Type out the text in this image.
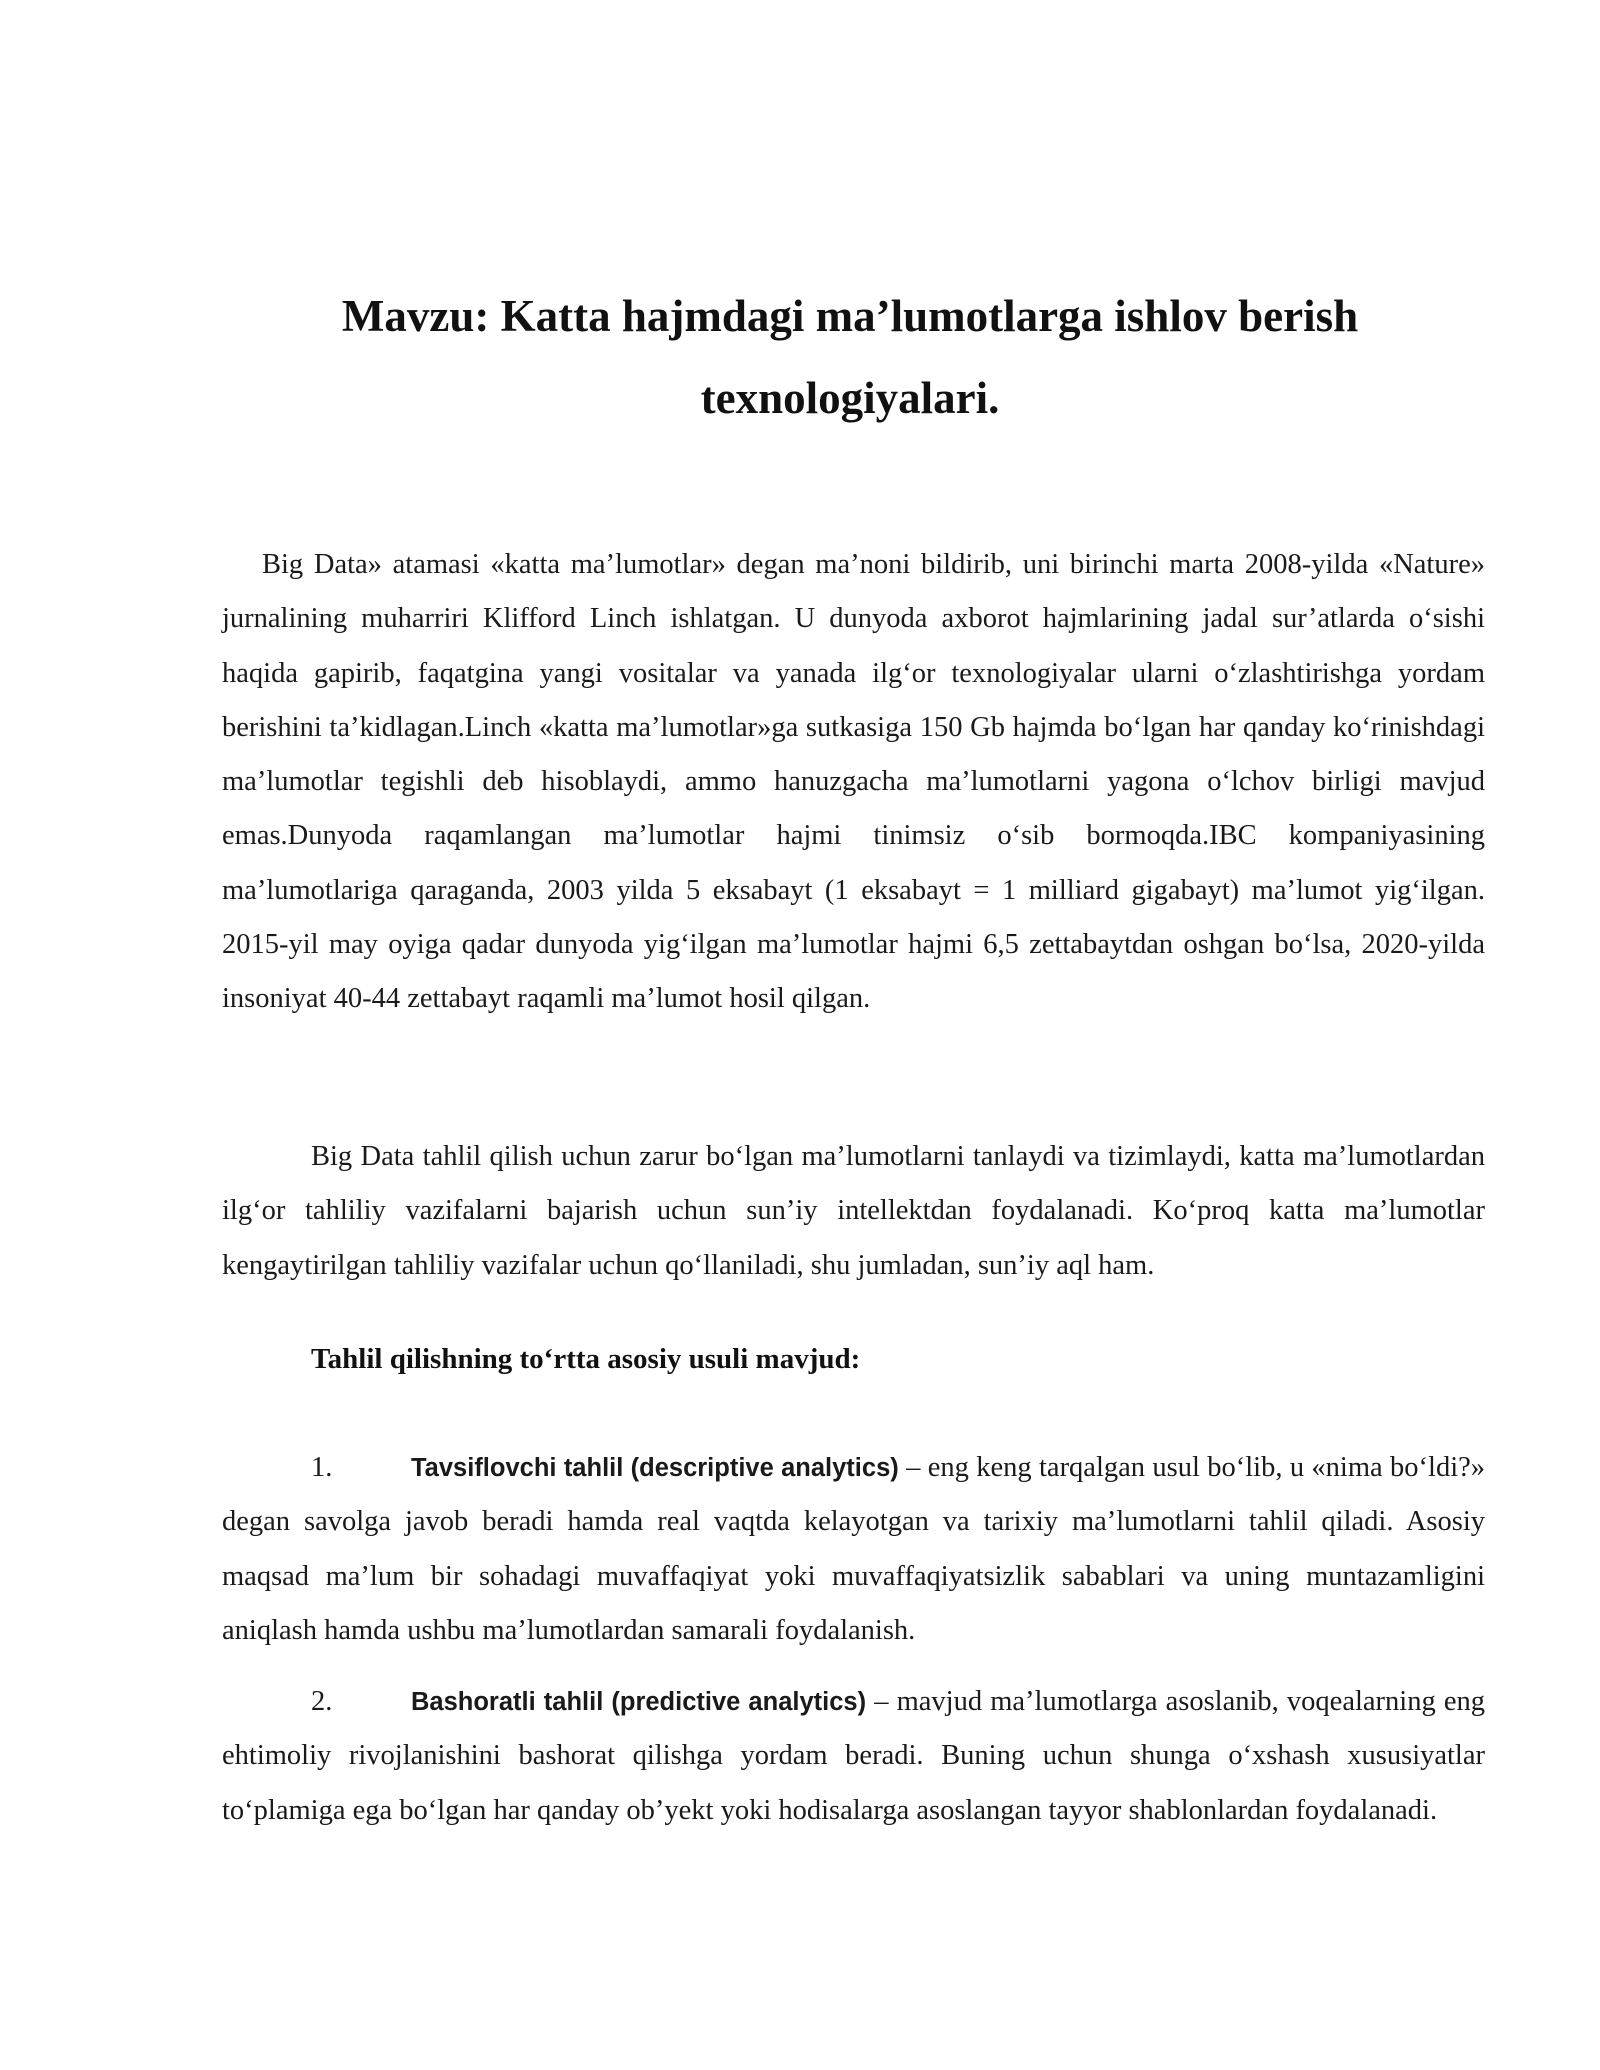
Mavzu: Katta hajmdagi ma’lumotlarga ishlov berish texnologiyalari.

Big Data» atamasi «katta ma’lumotlar» degan ma’noni bildirib, uni birinchi marta 2008-yilda «Nature» jurnalining muharriri Klifford Linch ishlatgan. U dunyoda axborot hajmlarining jadal sur’atlarda o‘sishi haqida gapirib, faqatgina yangi vositalar va yanada ilg‘or texnologiyalar ularni o‘zlashtirishga yordam berishini ta’kidlagan.Linch «katta ma’lumotlar»ga sutkasiga 150 Gb hajmda bo‘lgan har qanday ko‘rinishdagi ma’lumotlar tegishli deb hisoblaydi, ammo hanuzgacha ma’lumotlarni yagona o‘lchov birligi mavjud emas.Dunyoda raqamlangan ma’lumotlar hajmi tinimsiz o‘sib bormoqda.IBC kompaniyasining ma’lumotlariga qaraganda, 2003 yilda 5 eksabayt (1 eksabayt = 1 milliard gigabayt) ma’lumot yig‘ilgan. 2015-yil may oyiga qadar dunyoda yig‘ilgan ma’lumotlar hajmi 6,5 zettabaytdan oshgan bo‘lsa, 2020-yilda insoniyat 40-44 zettabayt raqamli ma’lumot hosil qilgan.

Big Data tahlil qilish uchun zarur bo‘lgan ma’lumotlarni tanlaydi va tizimlaydi, katta ma’lumotlardan ilg‘or tahliliy vazifalarni bajarish uchun sun’iy intellektdan foydalanadi. Ko‘proq katta ma’lumotlar kengaytirilgan tahliliy vazifalar uchun qo‘llaniladi, shu jumladan, sun’iy aql ham.

Tahlil qilishning to‘rtta asosiy usuli mavjud:

1.	Tavsiflovchi tahlil (descriptive analytics) – eng keng tarqalgan usul bo‘lib, u «nima bo‘ldi?» degan savolga javob beradi hamda real vaqtda kelayotgan va tarixiy ma’lumotlarni tahlil qiladi. Asosiy maqsad ma’lum bir sohadagi muvaffaqiyat yoki muvaffaqiyatsizlik sabablari va uning muntazamligini aniqlash hamda ushbu ma’lumotlardan samarali foydalanish.

2.	Bashoratli tahlil (predictive analytics) – mavjud ma’lumotlarga asoslanib, voqealarning eng ehtimoliy rivojlanishini bashorat qilishga yordam beradi. Buning uchun shunga o‘xshash xususiyatlar to‘plamiga ega bo‘lgan har qanday ob’yekt yoki hodisalarga asoslangan tayyor shablonlardan foydalanadi.
